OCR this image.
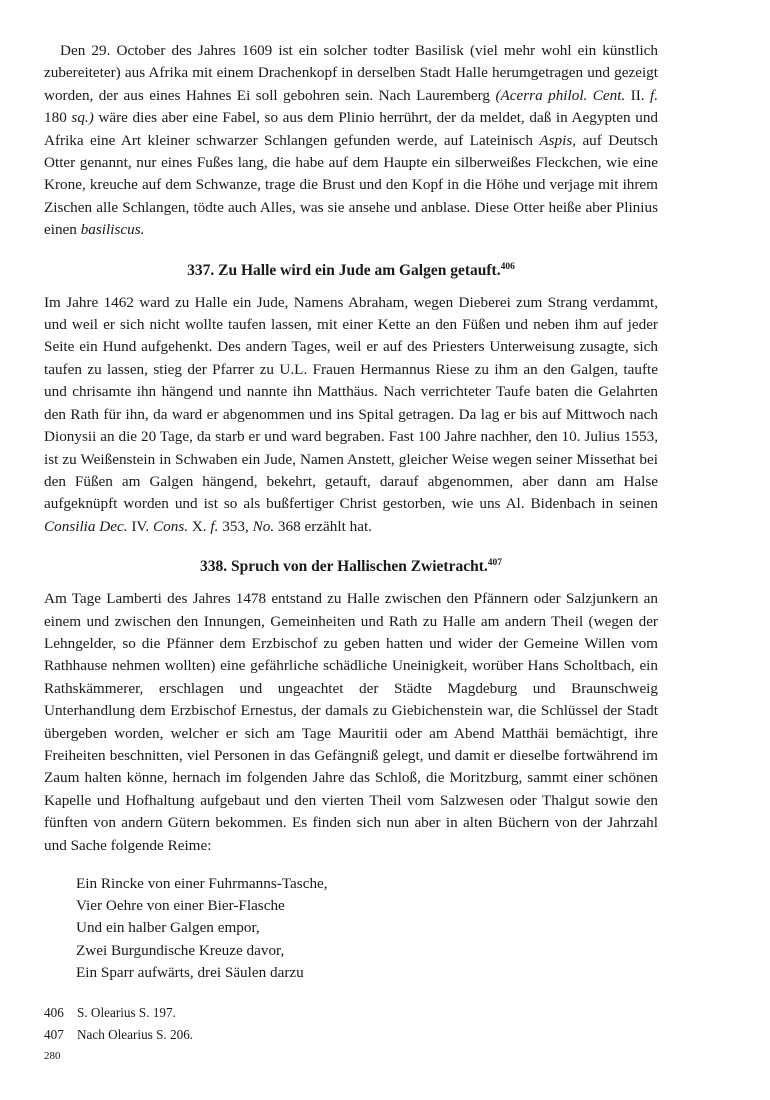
Den 29. October des Jahres 1609 ist ein solcher todter Basilisk (viel mehr wohl ein künstlich zubereiteter) aus Afrika mit einem Drachenkopf in derselben Stadt Halle herumgetragen und gezeigt worden, der aus eines Hahnes Ei soll gebohren sein. Nach Lauremberg (Acerra philol. Cent. II. f. 180 sq.) wäre dies aber eine Fabel, so aus dem Plinio herrührt, der da meldet, daß in Aegypten und Afrika eine Art kleiner schwarzer Schlangen gefunden werde, auf Lateinisch Aspis, auf Deutsch Otter genannt, nur eines Fußes lang, die habe auf dem Haupte ein silberweißes Fleckchen, wie eine Krone, kreuche auf dem Schwanze, trage die Brust und den Kopf in die Höhe und verjage mit ihrem Zischen alle Schlangen, tödte auch Alles, was sie ansehe und anblase. Diese Otter heiße aber Plinius einen basiliscus.

337. Zu Halle wird ein Jude am Galgen getauft.$^{406}$

Im Jahre 1462 ward zu Halle ein Jude, Namens Abraham, wegen Dieberei zum Strang verdammt, und weil er sich nicht wollte taufen lassen, mit einer Kette an den Füßen und neben ihm auf jeder Seite ein Hund aufgehenkt. Des andern Tages, weil er auf des Priesters Unterweisung zusagte, sich taufen zu lassen, stieg der Pfarrer zu U.L. Frauen Hermannus Riese zu ihm an den Galgen, taufte und chrisamte ihn hängend und nannte ihn Matthäus. Nach verrichteter Taufe baten die Gelahrten den Rath für ihn, da ward er abgenommen und ins Spital getragen. Da lag er bis auf Mittwoch nach Dionysii an die 20 Tage, da starb er und ward begraben. Fast 100 Jahre nachher, den 10. Julius 1553, ist zu Weißenstein in Schwaben ein Jude, Namen Anstett, gleicher Weise wegen seiner Missethat bei den Füßen am Galgen hängend, bekehrt, getauft, darauf abgenommen, aber dann am Halse aufgeknüpft worden und ist so als bußfertiger Christ gestorben, wie uns Al. Bidenbach in seinen Consilia Dec. IV. Cons. X. f. 353, No. 368 erzählt hat.

338. Spruch von der Hallischen Zwietracht.$^{407}$

Am Tage Lamberti des Jahres 1478 entstand zu Halle zwischen den Pfännern oder Salzjunkern an einem und zwischen den Innungen, Gemeinheiten und Rath zu Halle am andern Theil (wegen der Lehngelder, so die Pfänner dem Erzbischof zu geben hatten und wider der Gemeine Willen vom Rathhause nehmen wollten) eine gefährliche schädliche Uneinigkeit, worüber Hans Scholtbach, ein Rathskämmerer, erschlagen und ungeachtet der Städte Magdeburg und Braunschweig Unterhandlung dem Erzbischof Ernestus, der damals zu Giebichenstein war, die Schlüssel der Stadt übergeben worden, welcher er sich am Tage Mauritii oder am Abend Matthäi bemächtigt, ihre Freiheiten beschnitten, viel Personen in das Gefängniß gelegt, und damit er dieselbe fortwährend im Zaum halten könne, hernach im folgenden Jahre das Schloß, die Moritzburg, sammt einer schönen Kapelle und Hofhaltung aufgebaut und den vierten Theil vom Salzwesen oder Thalgut sowie den fünften von andern Gütern bekommen. Es finden sich nun aber in alten Büchern von der Jahrzahl und Sache folgende Reime:

Ein Rincke von einer Fuhrmanns-Tasche,
Vier Oehre von einer Bier-Flasche
Und ein halber Galgen empor,
Zwei Burgundische Kreuze davor,
Ein Sparr aufwärts, drei Säulen darzu
406	S. Olearius S. 197.
407	Nach Olearius S. 206.
280
